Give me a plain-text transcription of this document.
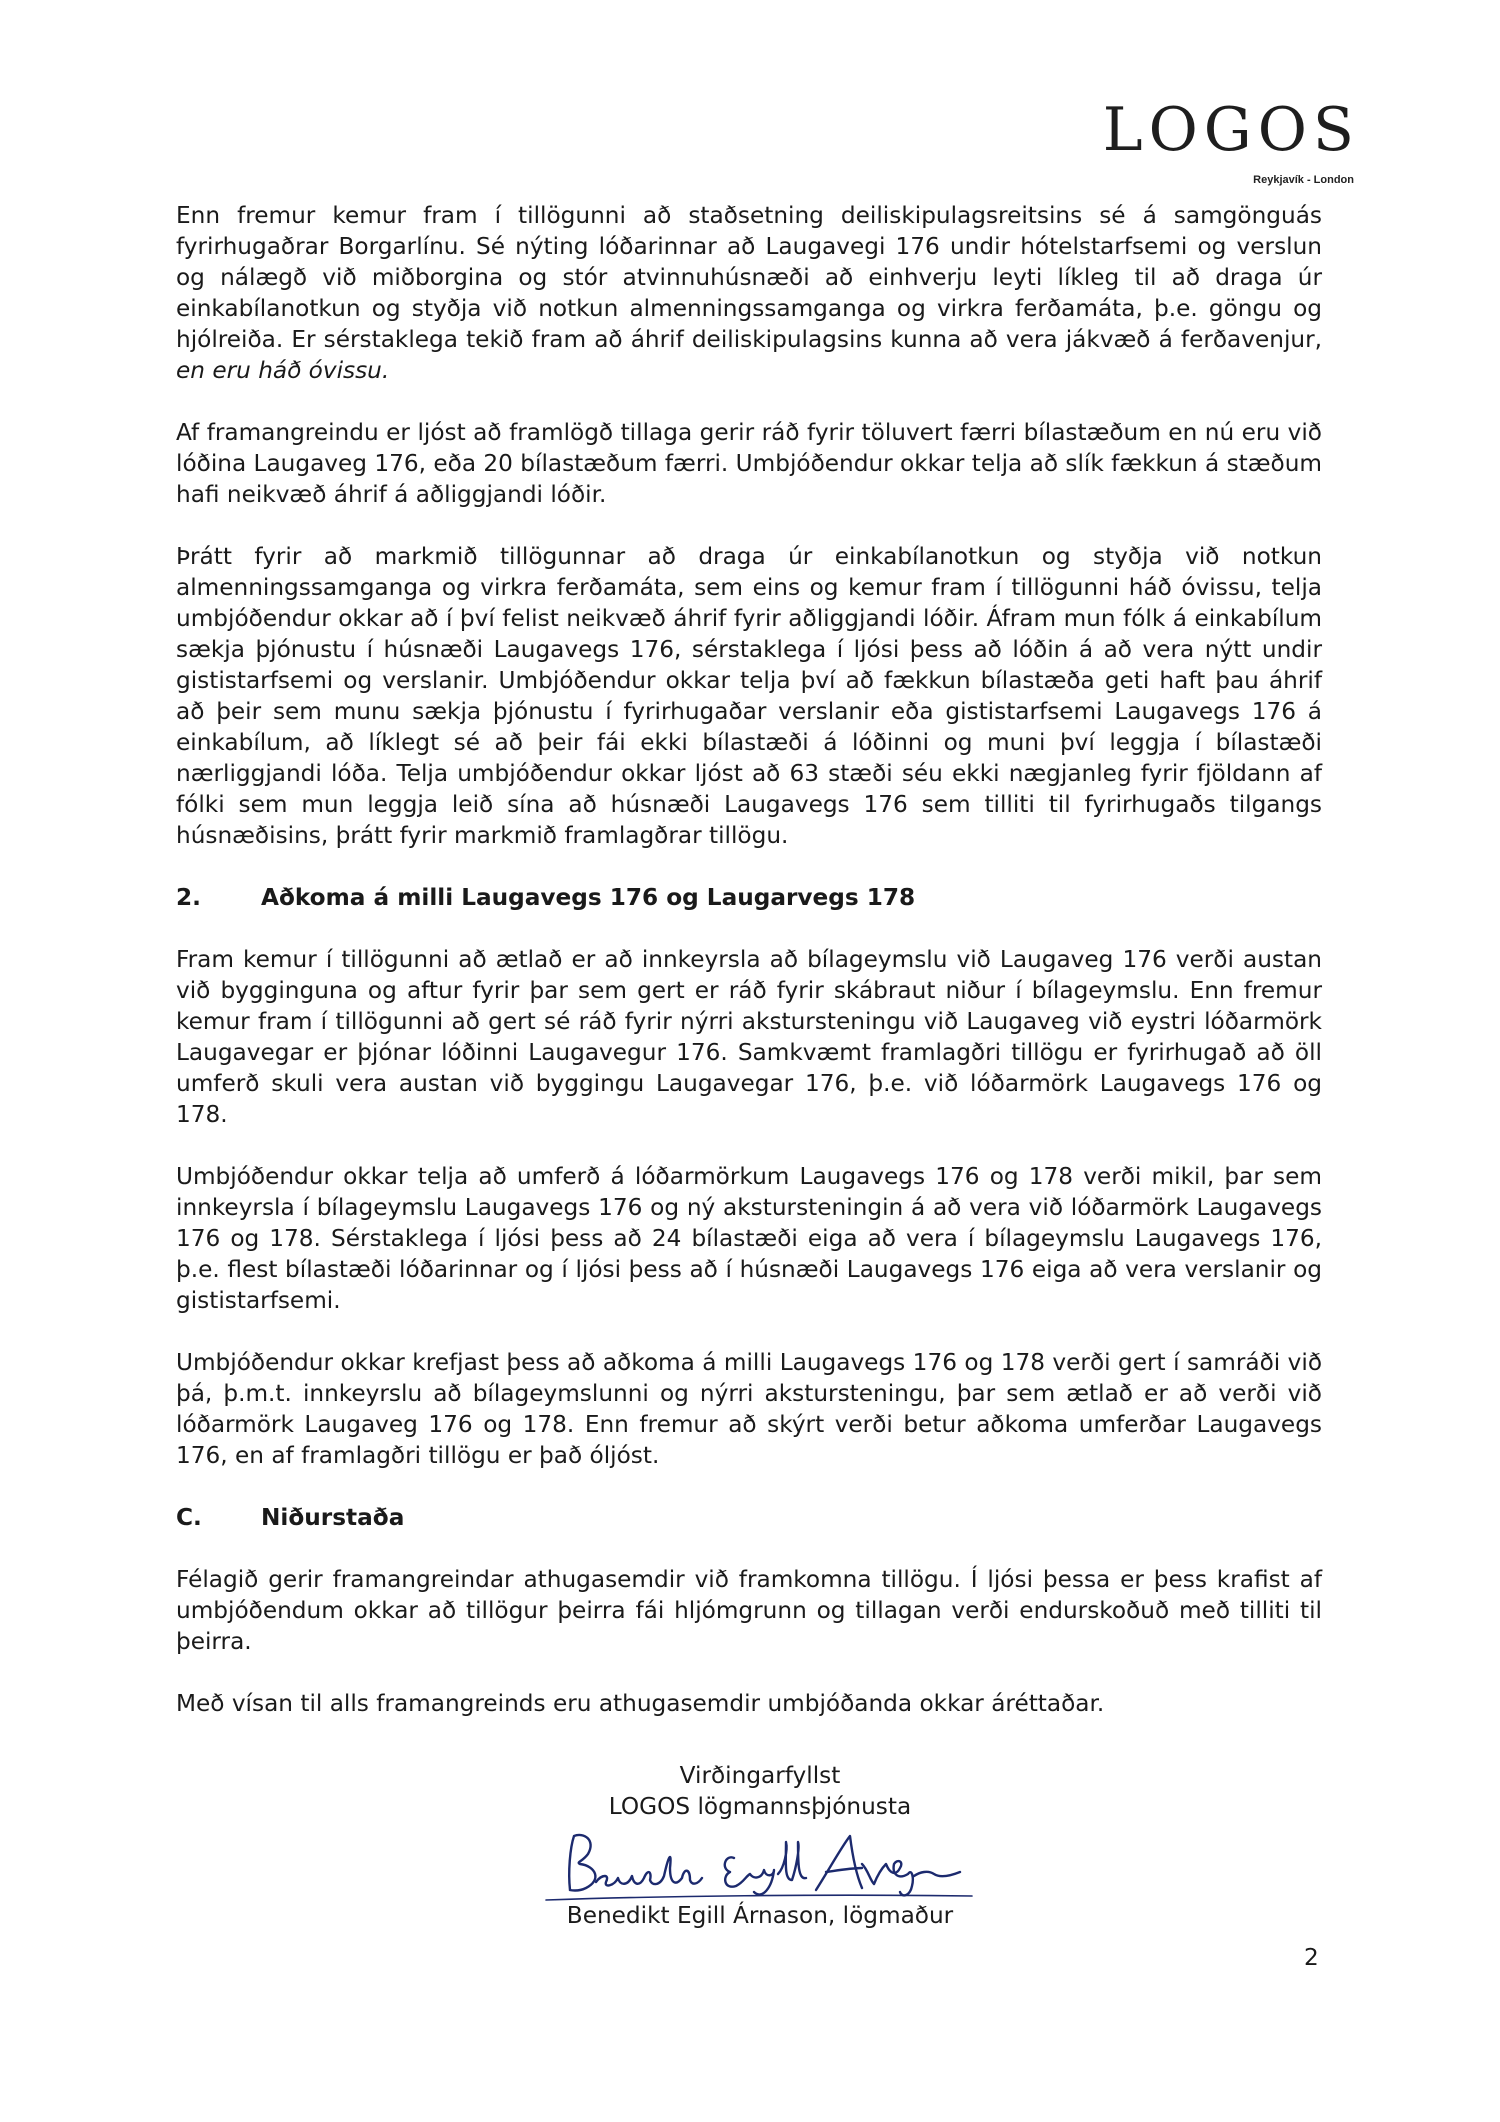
LOGOS
Reykjavík - London

Enn fremur kemur fram í tillögunni að staðsetning deiliskipulagsreitsins sé á samgönguás fyrirhugaðrar Borgarlínu. Sé nýting lóðarinnar að Laugavegi 176 undir hótelstarfsemi og verslun og nálægð við miðborgina og stór atvinnuhúsnæði að einhverju leyti líkleg til að draga úr einkabílanotkun og styðja við notkun almenningssamganga og virkra ferðamáta, þ.e. göngu og hjólreiða. Er sérstaklega tekið fram að áhrif deiliskipulagsins kunna að vera jákvæð á ferðavenjur, en eru háð óvissu.

Af framangreindu er ljóst að framlögð tillaga gerir ráð fyrir töluvert færri bílastæðum en nú eru við lóðina Laugaveg 176, eða 20 bílastæðum færri. Umbjóðendur okkar telja að slík fækkun á stæðum hafi neikvæð áhrif á aðliggjandi lóðir.

Þrátt fyrir að markmið tillögunnar að draga úr einkabílanotkun og styðja við notkun almenningssamganga og virkra ferðamáta, sem eins og kemur fram í tillögunni háð óvissu, telja umbjóðendur okkar að í því felist neikvæð áhrif fyrir aðliggjandi lóðir. Áfram mun fólk á einkabílum sækja þjónustu í húsnæði Laugavegs 176, sérstaklega í ljósi þess að lóðin á að vera nýtt undir gististarfsemi og verslanir. Umbjóðendur okkar telja því að fækkun bílastæða geti haft þau áhrif að þeir sem munu sækja þjónustu í fyrirhugaðar verslanir eða gististarfsemi Laugavegs 176 á einkabílum, að líklegt sé að þeir fái ekki bílastæði á lóðinni og muni því leggja í bílastæði nærliggjandi lóða. Telja umbjóðendur okkar ljóst að 63 stæði séu ekki nægjanleg fyrir fjöldann af fólki sem mun leggja leið sína að húsnæði Laugavegs 176 sem tilliti til fyrirhugaðs tilgangs húsnæðisins, þrátt fyrir markmið framlagðrar tillögu.

2.	Aðkoma á milli Laugavegs 176 og Laugarvegs 178

Fram kemur í tillögunni að ætlað er að innkeyrsla að bílageymslu við Laugaveg 176 verði austan við bygginguna og aftur fyrir þar sem gert er ráð fyrir skábraut niður í bílageymslu. Enn fremur kemur fram í tillögunni að gert sé ráð fyrir nýrri akstursteningu við Laugaveg við eystri lóðarmörk Laugavegar er þjónar lóðinni Laugavegur 176. Samkvæmt framlagðri tillögu er fyrirhugað að öll umferð skuli vera austan við byggingu Laugavegar 176, þ.e. við lóðarmörk Laugavegs 176 og 178.

Umbjóðendur okkar telja að umferð á lóðarmörkum Laugavegs 176 og 178 verði mikil, þar sem innkeyrsla í bílageymslu Laugavegs 176 og ný akstursteningin á að vera við lóðarmörk Laugavegs 176 og 178. Sérstaklega í ljósi þess að 24 bílastæði eiga að vera í bílageymslu Laugavegs 176, þ.e. flest bílastæði lóðarinnar og í ljósi þess að í húsnæði Laugavegs 176 eiga að vera verslanir og gististarfsemi.

Umbjóðendur okkar krefjast þess að aðkoma á milli Laugavegs 176 og 178 verði gert í samráði við þá, þ.m.t. innkeyrslu að bílageymslunni og nýrri akstursteningu, þar sem ætlað er að verði við lóðarmörk Laugaveg 176 og 178. Enn fremur að skýrt verði betur aðkoma umferðar Laugavegs 176, en af framlagðri tillögu er það óljóst.

C.	Niðurstaða

Félagið gerir framangreindar athugasemdir við framkomna tillögu. Í ljósi þessa er þess krafist af umbjóðendum okkar að tillögur þeirra fái hljómgrunn og tillagan verði endurskoðuð með tilliti til þeirra.

Með vísan til alls framangreinds eru athugasemdir umbjóðanda okkar áréttaðar.

Virðingarfyllst
LOGOS lögmannsþjónusta
Benedikt Egill Árnason, lögmaður
2
